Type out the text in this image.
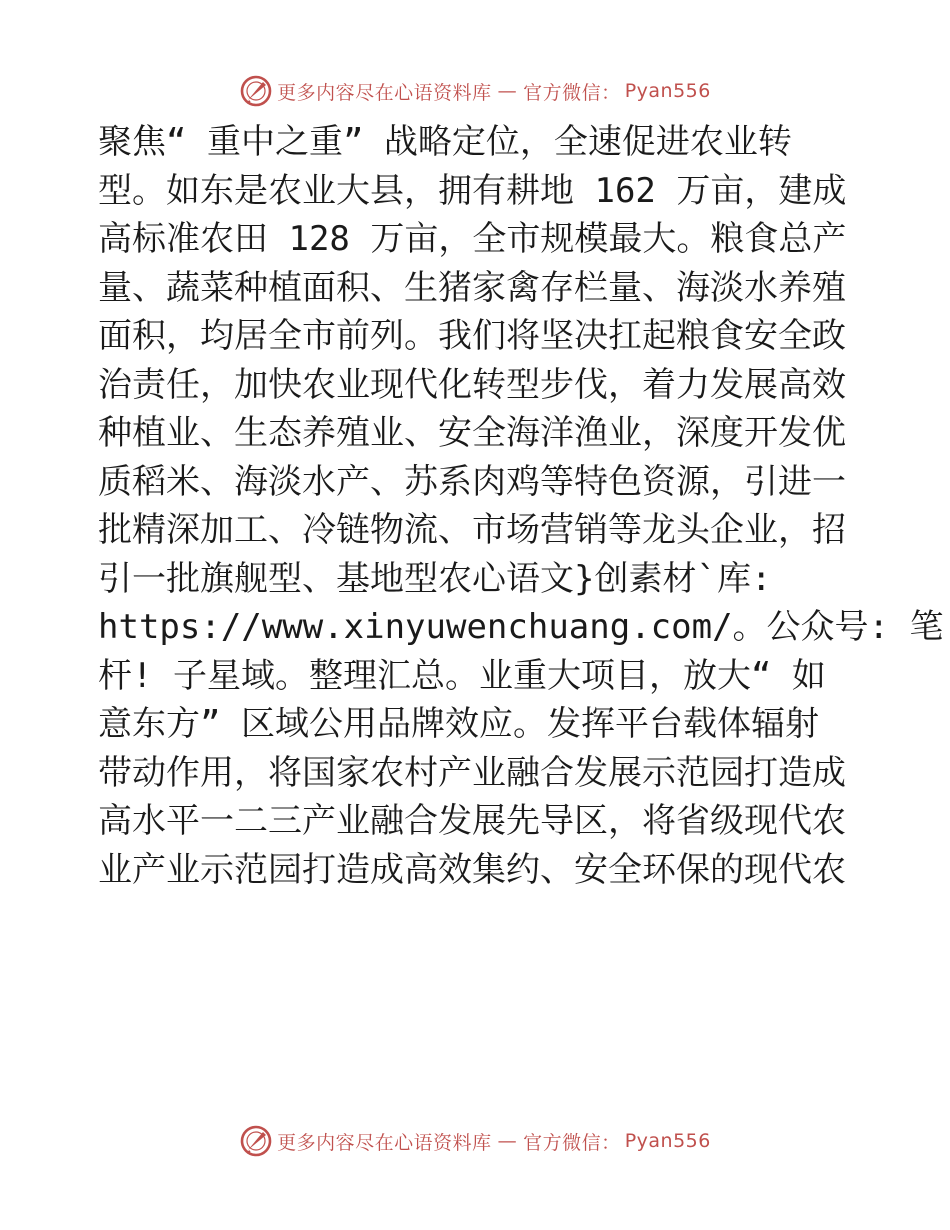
更多内容尽在心语资料库 — 官方微信： Pyan556
聚焦“ 重中之重” 战略定位，全速促进农业转
型。如东是农业大县，拥有耕地 162 万亩，建成
高标准农田 128 万亩，全市规模最大。粮食总产
量、蔬菜种植面积、生猪家禽存栏量、海淡水养殖
面积，均居全市前列。我们将坚决扛起粮食安全政
治责任，加快农业现代化转型步伐，着力发展高效
种植业、生态养殖业、安全海洋渔业，深度开发优
质稻米、海淡水产、苏系肉鸡等特色资源，引进一
批精深加工、冷链物流、市场营销等龙头企业，招
引一批旗舰型、基地型农心语文}创素材`库:
https://www.xinyuwenchuang.com/。公众号: 笔
杆! 子星域。整理汇总。业重大项目，放大“ 如
意东方” 区域公用品牌效应。发挥平台载体辐射
带动作用，将国家农村产业融合发展示范园打造成
高水平一二三产业融合发展先导区，将省级现代农
业产业示范园打造成高效集约、安全环保的现代农
更多内容尽在心语资料库 — 官方微信： Pyan556
